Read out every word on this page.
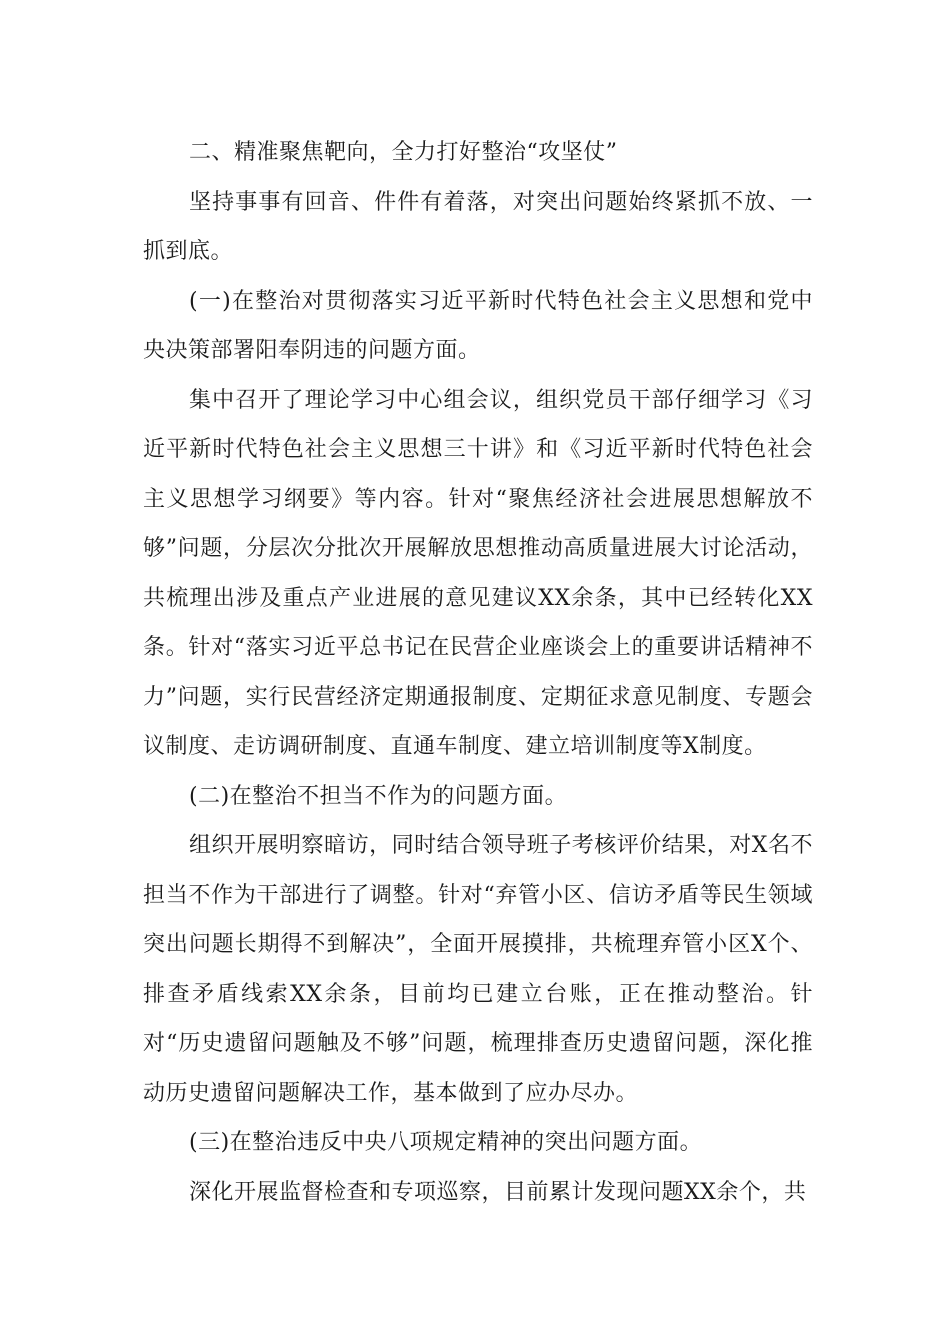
二、精准聚焦靶向，全力打好整治“攻坚仗”

坚持事事有回音、件件有着落，对突出问题始终紧抓不放、一抓到底。

(一)在整治对贯彻落实习近平新时代特色社会主义思想和党中央决策部署阳奉阴违的问题方面。

集中召开了理论学习中心组会议，组织党员干部仔细学习《习近平新时代特色社会主义思想三十讲》和《习近平新时代特色社会主义思想学习纲要》等内容。针对“聚焦经济社会进展思想解放不够”问题，分层次分批次开展解放思想推动高质量进展大讨论活动，共梳理出涉及重点产业进展的意见建议XX余条，其中已经转化XX条。针对“落实习近平总书记在民营企业座谈会上的重要讲话精神不力”问题，实行民营经济定期通报制度、定期征求意见制度、专题会议制度、走访调研制度、直通车制度、建立培训制度等X制度。

(二)在整治不担当不作为的问题方面。

组织开展明察暗访，同时结合领导班子考核评价结果，对X名不担当不作为干部进行了调整。针对“弃管小区、信访矛盾等民生领域突出问题长期得不到解决”，全面开展摸排，共梳理弃管小区X个、排查矛盾线索XX余条，目前均已建立台账，正在推动整治。针对“历史遗留问题触及不够”问题，梳理排查历史遗留问题，深化推动历史遗留问题解决工作，基本做到了应办尽办。

(三)在整治违反中央八项规定精神的突出问题方面。

深化开展监督检查和专项巡察，目前累计发现问题XX余个，共
